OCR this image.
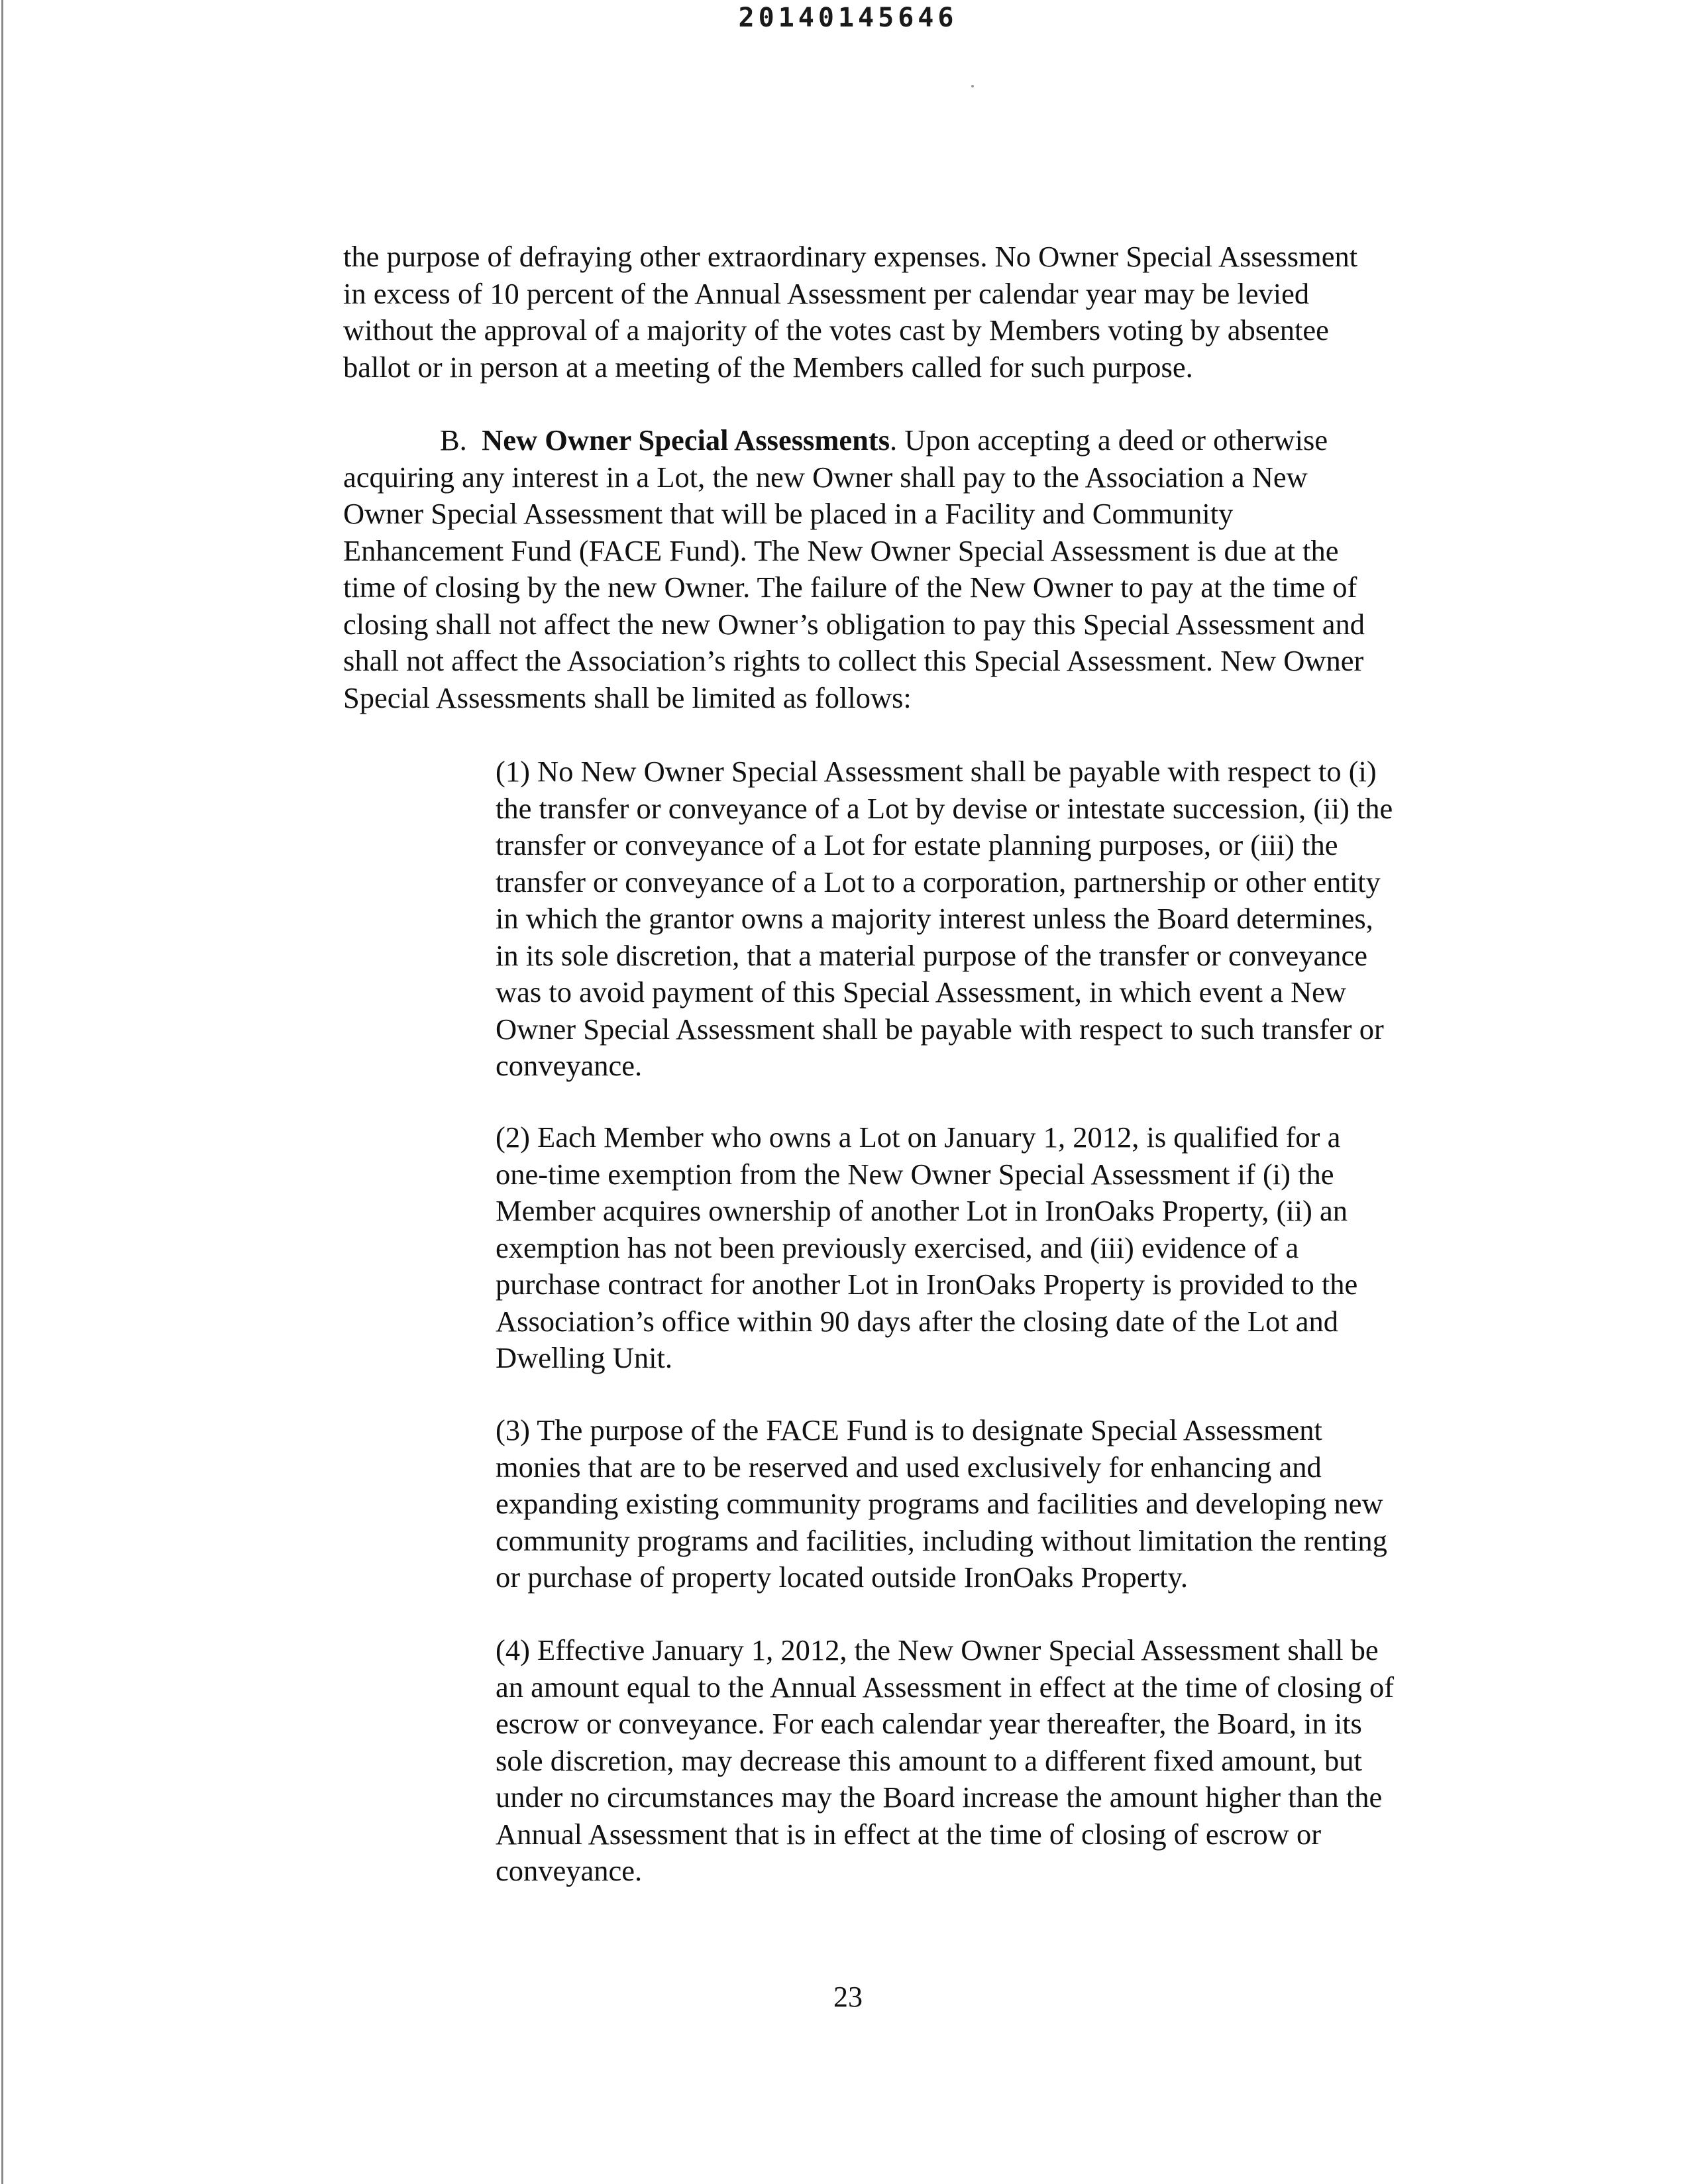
20140145646

the purpose of defraying other extraordinary expenses. No Owner Special Assessment
in excess of 10 percent of the Annual Assessment per calendar year may be levied
without the approval of a majority of the votes cast by Members voting by absentee
ballot or in person at a meeting of the Members called for such purpose.

B. New Owner Special Assessments. Upon accepting a deed or otherwise
acquiring any interest in a Lot, the new Owner shall pay to the Association a New
Owner Special Assessment that will be placed in a Facility and Community
Enhancement Fund (FACE Fund). The New Owner Special Assessment is due at the
time of closing by the new Owner. The failure of the New Owner to pay at the time of
closing shall not affect the new Owner’s obligation to pay this Special Assessment and
shall not affect the Association’s rights to collect this Special Assessment. New Owner
Special Assessments shall be limited as follows:

(1) No New Owner Special Assessment shall be payable with respect to (i)
the transfer or conveyance of a Lot by devise or intestate succession, (ii) the
transfer or conveyance of a Lot for estate planning purposes, or (iii) the
transfer or conveyance of a Lot to a corporation, partnership or other entity
in which the grantor owns a majority interest unless the Board determines,
in its sole discretion, that a material purpose of the transfer or conveyance
was to avoid payment of this Special Assessment, in which event a New
Owner Special Assessment shall be payable with respect to such transfer or
conveyance.

(2) Each Member who owns a Lot on January 1, 2012, is qualified for a
one-time exemption from the New Owner Special Assessment if (i) the
Member acquires ownership of another Lot in IronOaks Property, (ii) an
exemption has not been previously exercised, and (iii) evidence of a
purchase contract for another Lot in IronOaks Property is provided to the
Association’s office within 90 days after the closing date of the Lot and
Dwelling Unit.

(3) The purpose of the FACE Fund is to designate Special Assessment
monies that are to be reserved and used exclusively for enhancing and
expanding existing community programs and facilities and developing new
community programs and facilities, including without limitation the renting
or purchase of property located outside IronOaks Property.

(4) Effective January 1, 2012, the New Owner Special Assessment shall be
an amount equal to the Annual Assessment in effect at the time of closing of
escrow or conveyance. For each calendar year thereafter, the Board, in its
sole discretion, may decrease this amount to a different fixed amount, but
under no circumstances may the Board increase the amount higher than the
Annual Assessment that is in effect at the time of closing of escrow or
conveyance.

23
